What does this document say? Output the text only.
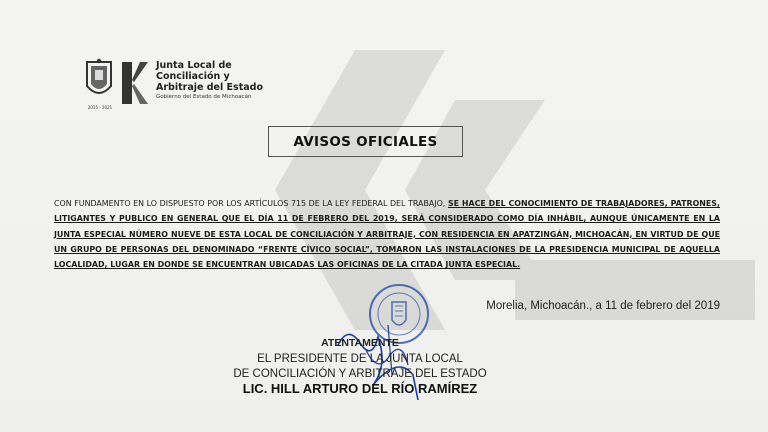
2015 - 2021
Junta Local de
Conciliación y
Arbitraje del Estado
Gobierno del Estado de Michoacán
AVISOS OFICIALES
CON FUNDAMENTO EN LO DISPUESTO POR LOS ARTÍCULOS 715 DE LA LEY FEDERAL DEL TRABAJO, SE HACE DEL CONOCIMIENTO DE TRABAJADORES, PATRONES, LITIGANTES Y PUBLICO EN GENERAL QUE EL DÍA 11 DE FEBRERO DEL 2019, SERÁ CONSIDERADO COMO DÍA INHÁBIL, AUNQUE ÚNICAMENTE EN LA JUNTA ESPECIAL NÚMERO NUEVE DE ESTA LOCAL DE CONCILIACIÓN Y ARBITRAJE, CON RESIDENCIA EN APATZINGÁN, MICHOACÁN, EN VIRTUD DE QUE UN GRUPO DE PERSONAS DEL DENOMINADO “FRENTE CÍVICO SOCIAL”, TOMARON LAS INSTALACIONES DE LA PRESIDENCIA MUNICIPAL DE AQUELLA LOCALIDAD, LUGAR EN DONDE SE ENCUENTRAN UBICADAS LAS OFICINAS DE LA CITADA JUNTA ESPECIAL.
Morelia, Michoacán., a 11 de febrero del 2019
ATENTAMENTE
EL PRESIDENTE DE LA JUNTA LOCAL
DE CONCILIACIÓN Y ARBITRAJE DEL ESTADO
LIC. HILL ARTURO DEL RÍO RAMÍREZ
